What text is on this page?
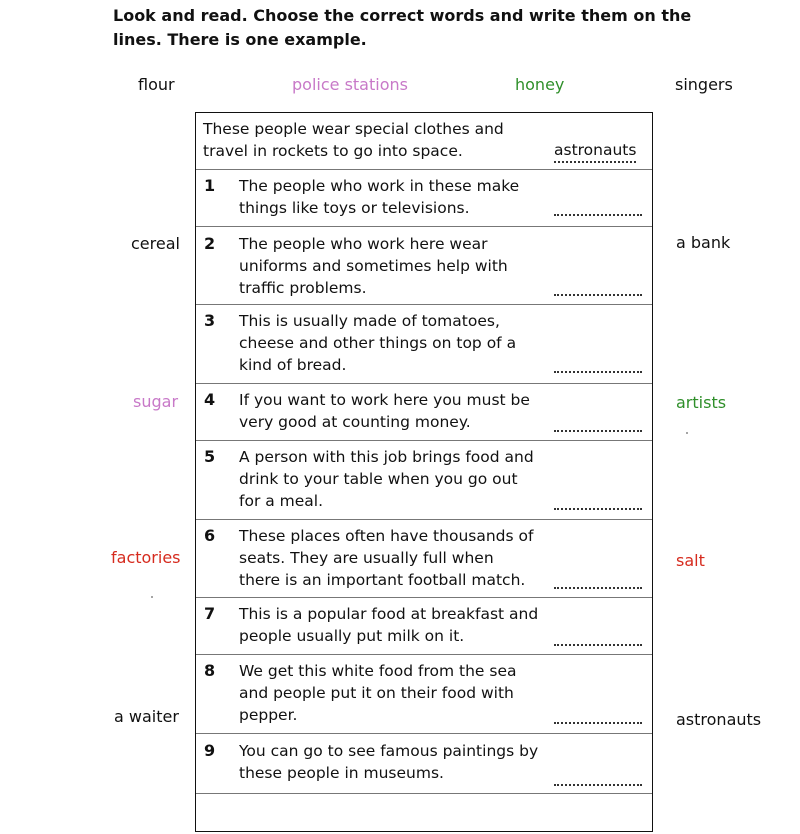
Look and read. Choose the correct words and write them on the lines. There is one example.
flour	police stations	honey	singers
cereal	a bank
sugar	artists
factories	salt
a waiter	astronauts
These people wear special clothes and travel in rockets to go into space.	astronauts
1 The people who work in these make things like toys or televisions.
2 The people who work here wear uniforms and sometimes help with traffic problems.
3 This is usually made of tomatoes, cheese and other things on top of a kind of bread.
4 If you want to work here you must be very good at counting money.
5 A person with this job brings food and drink to your table when you go out for a meal.
6 These places often have thousands of seats. They are usually full when there is an important football match.
7 This is a popular food at breakfast and people usually put milk on it.
8 We get this white food from the sea and people put it on their food with pepper.
9 You can go to see famous paintings by these people in museums.
